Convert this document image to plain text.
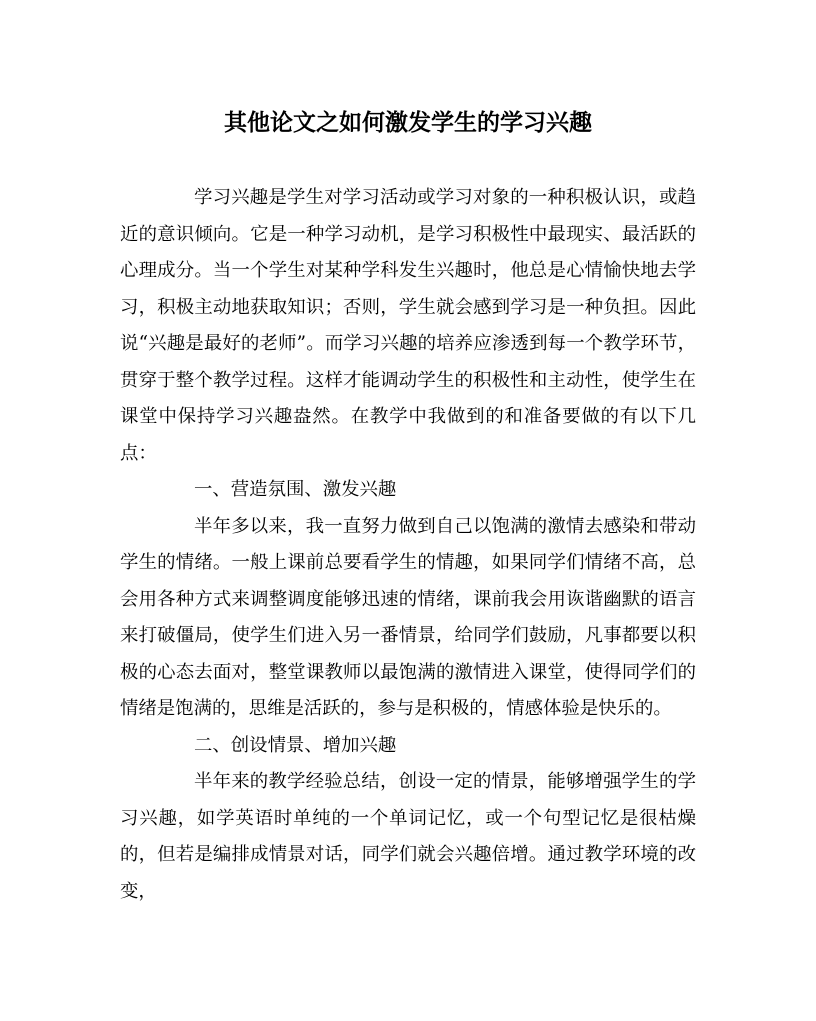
其他论文之如何激发学生的学习兴趣

学习兴趣是学生对学习活动或学习对象的一种积极认识，或趋近的意识倾向。它是一种学习动机，是学习积极性中最现实、最活跃的心理成分。当一个学生对某种学科发生兴趣时，他总是心情愉快地去学习，积极主动地获取知识；否则，学生就会感到学习是一种负担。因此说“兴趣是最好的老师”。而学习兴趣的培养应渗透到每一个教学环节，贯穿于整个教学过程。这样才能调动学生的积极性和主动性，使学生在课堂中保持学习兴趣盎然。在教学中我做到的和准备要做的有以下几点：

一、营造氛围、激发兴趣

半年多以来，我一直努力做到自己以饱满的激情去感染和带动学生的情绪。一般上课前总要看学生的情趣，如果同学们情绪不高，总会用各种方式来调整调度能够迅速的情绪，课前我会用诙谐幽默的语言来打破僵局，使学生们进入另一番情景，给同学们鼓励，凡事都要以积极的心态去面对，整堂课教师以最饱满的激情进入课堂，使得同学们的情绪是饱满的，思维是活跃的，参与是积极的，情感体验是快乐的。

二、创设情景、增加兴趣

半年来的教学经验总结，创设一定的情景，能够增强学生的学习兴趣，如学英语时单纯的一个单词记忆，或一个句型记忆是很枯燥的，但若是编排成情景对话，同学们就会兴趣倍增。通过教学环境的改变，
